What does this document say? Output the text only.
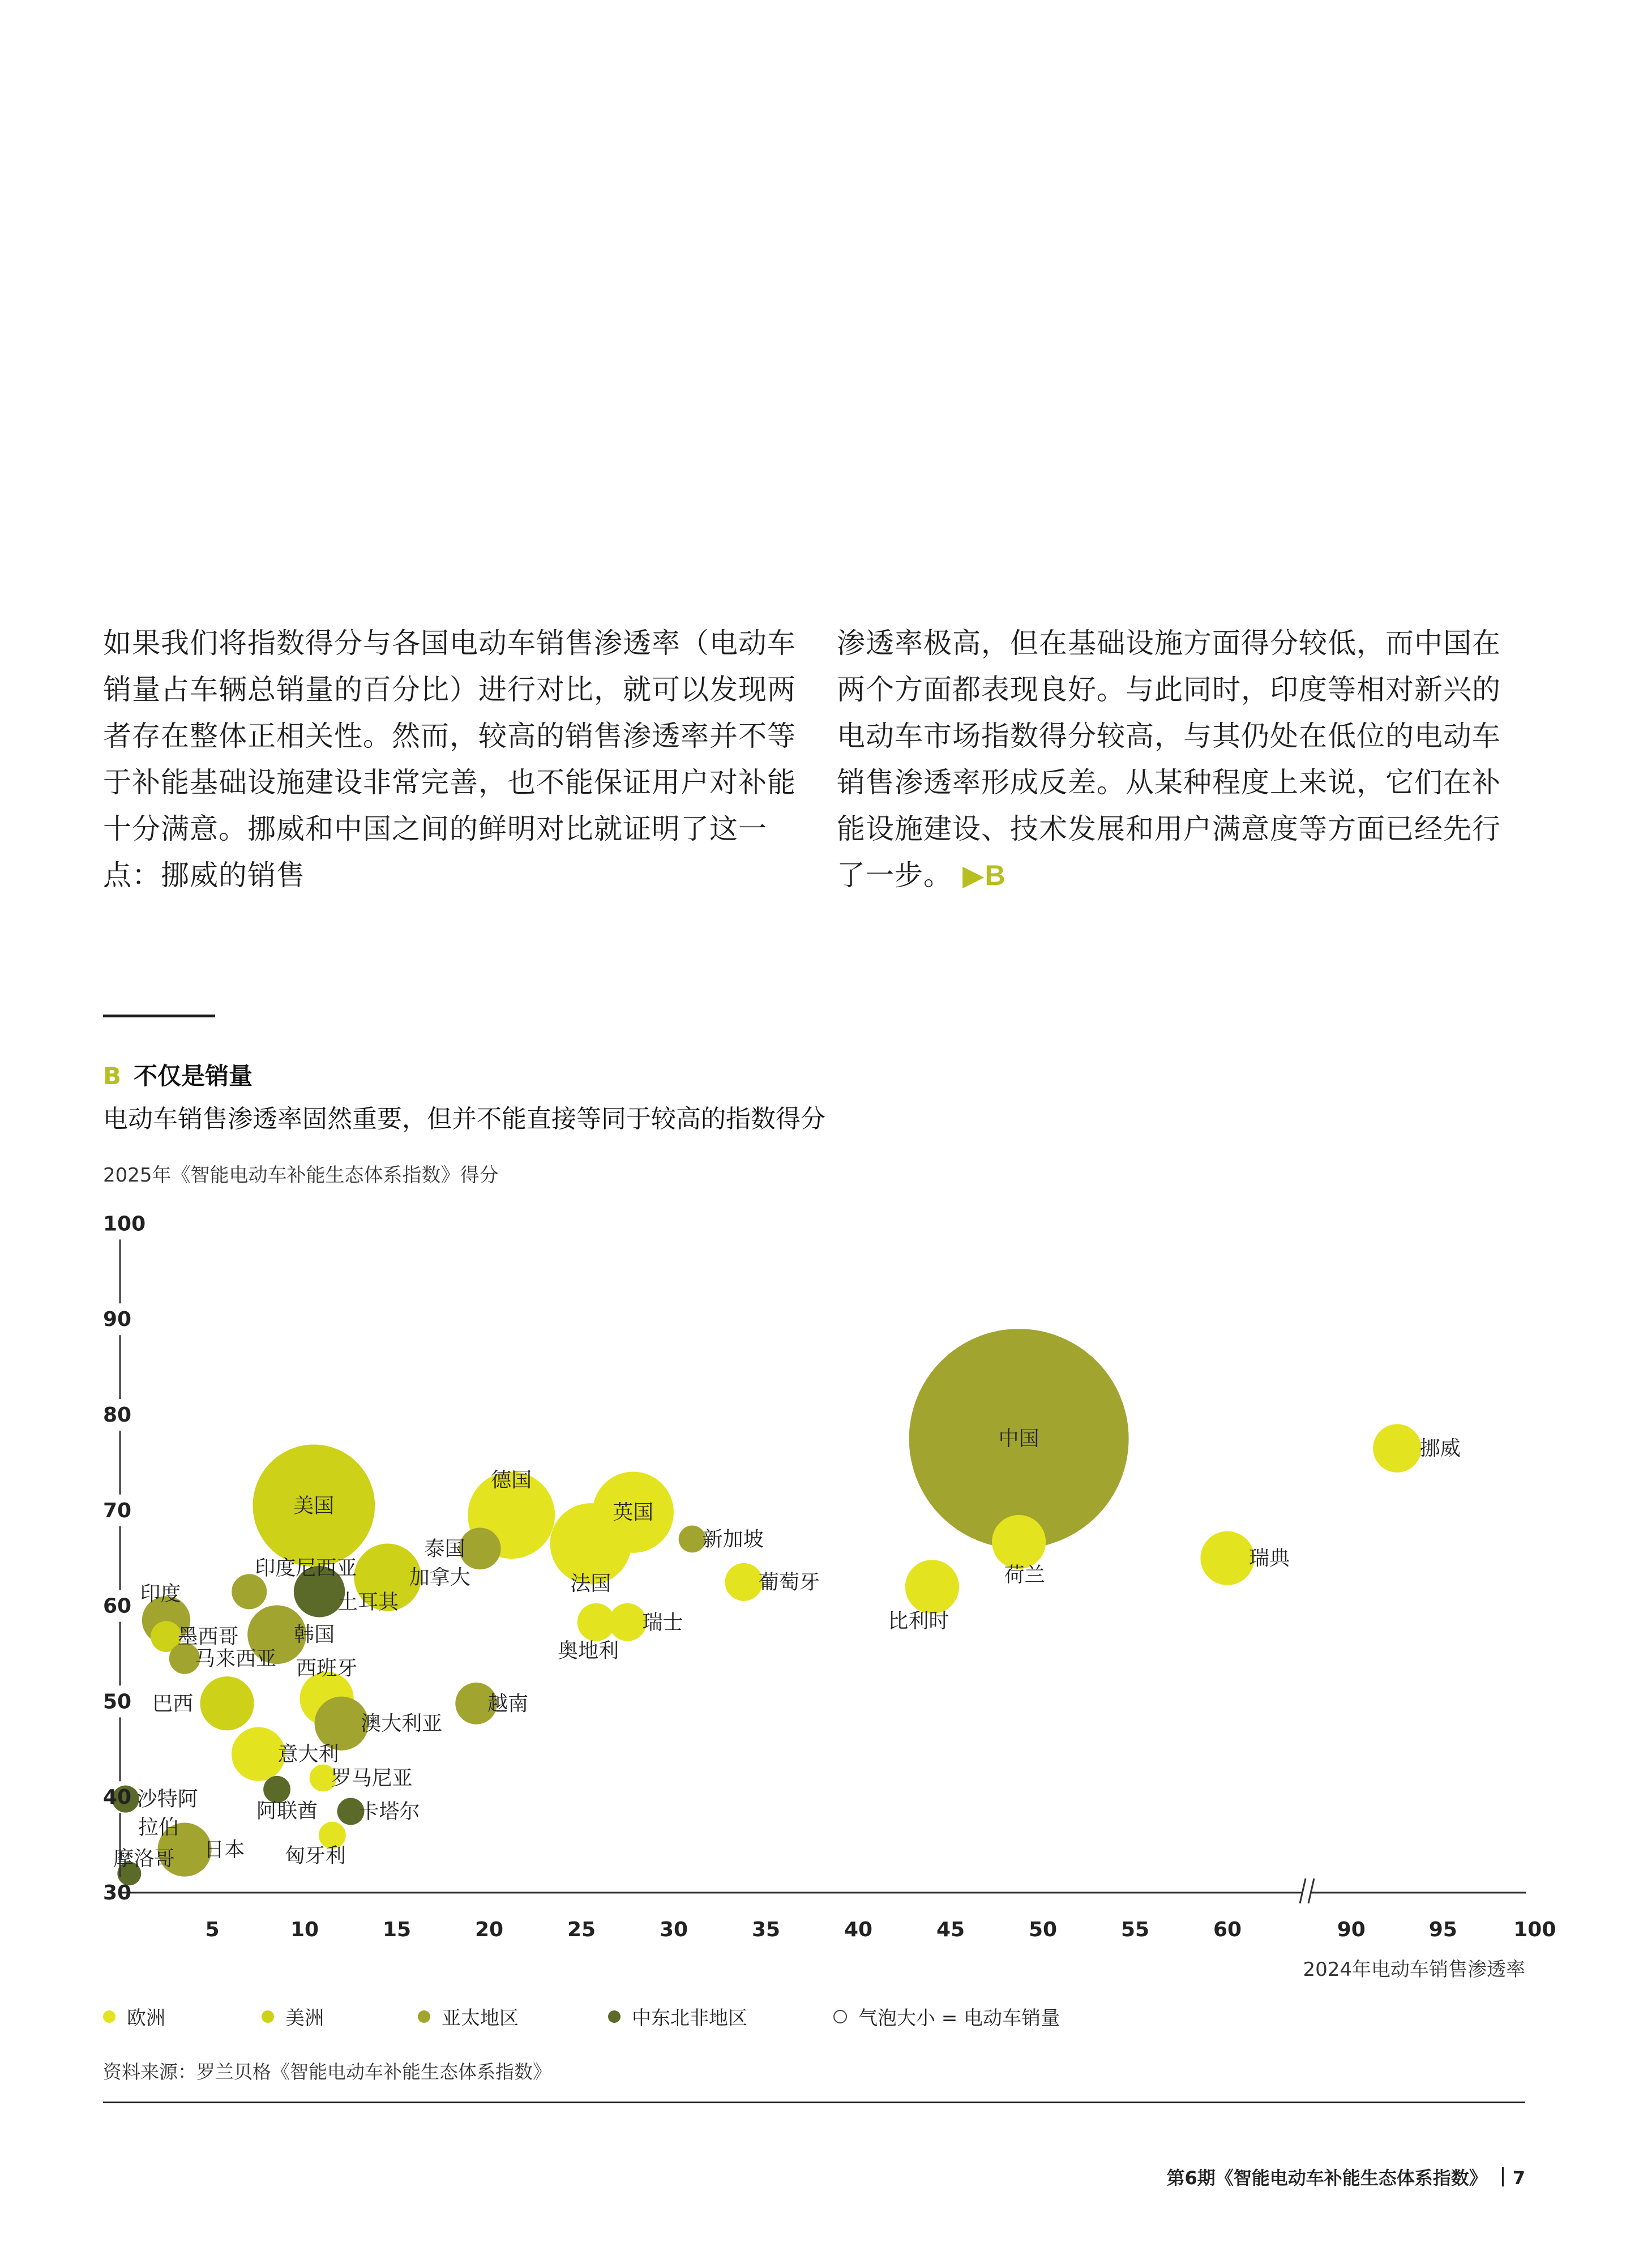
如果我们将指数得分与各国电动车销售渗透率（电动车销量占车辆总销量的百分比）进行对比，就可以发现两者存在整体正相关性。然而，较高的销售渗透率并不等于补能基础设施建设非常完善，也不能保证用户对补能十分满意。挪威和中国之间的鲜明对比就证明了这一点：挪威的销售
渗透率极高，但在基础设施方面得分较低，而中国在两个方面都表现良好。与此同时，印度等相对新兴的电动车市场指数得分较高，与其仍处在低位的电动车销售渗透率形成反差。从某种程度上来说，它们在补能设施建设、技术发展和用户满意度等方面已经先行了一步。 ▶B
B 不仅是销量
电动车销售渗透率固然重要，但并不能直接等同于较高的指数得分
2025年《智能电动车补能生态体系指数》得分
30
40
50
60
70
80
90
100
5	10	15	20	25	30	35	40	45	50	55	60	90	95	100
2024年电动车销售渗透率
中国
美国
德国
英国
法国
加拿大
韩国
荷兰
瑞典
比利时
巴西
西班牙
澳大利亚
意大利
日本
土耳其
挪威
印度
泰国
越南
葡萄牙
奥地利
瑞士
印度尼西亚
墨西哥
马来西亚
新加坡
罗马尼亚
阿联酋
沙特阿拉伯
卡塔尔
匈牙利
摩洛哥
欧洲	美洲	亚太地区	中东北非地区	气泡大小 = 电动车销量
资料来源：罗兰贝格《智能电动车补能生态体系指数》
第6期《智能电动车补能生态体系指数》 7
